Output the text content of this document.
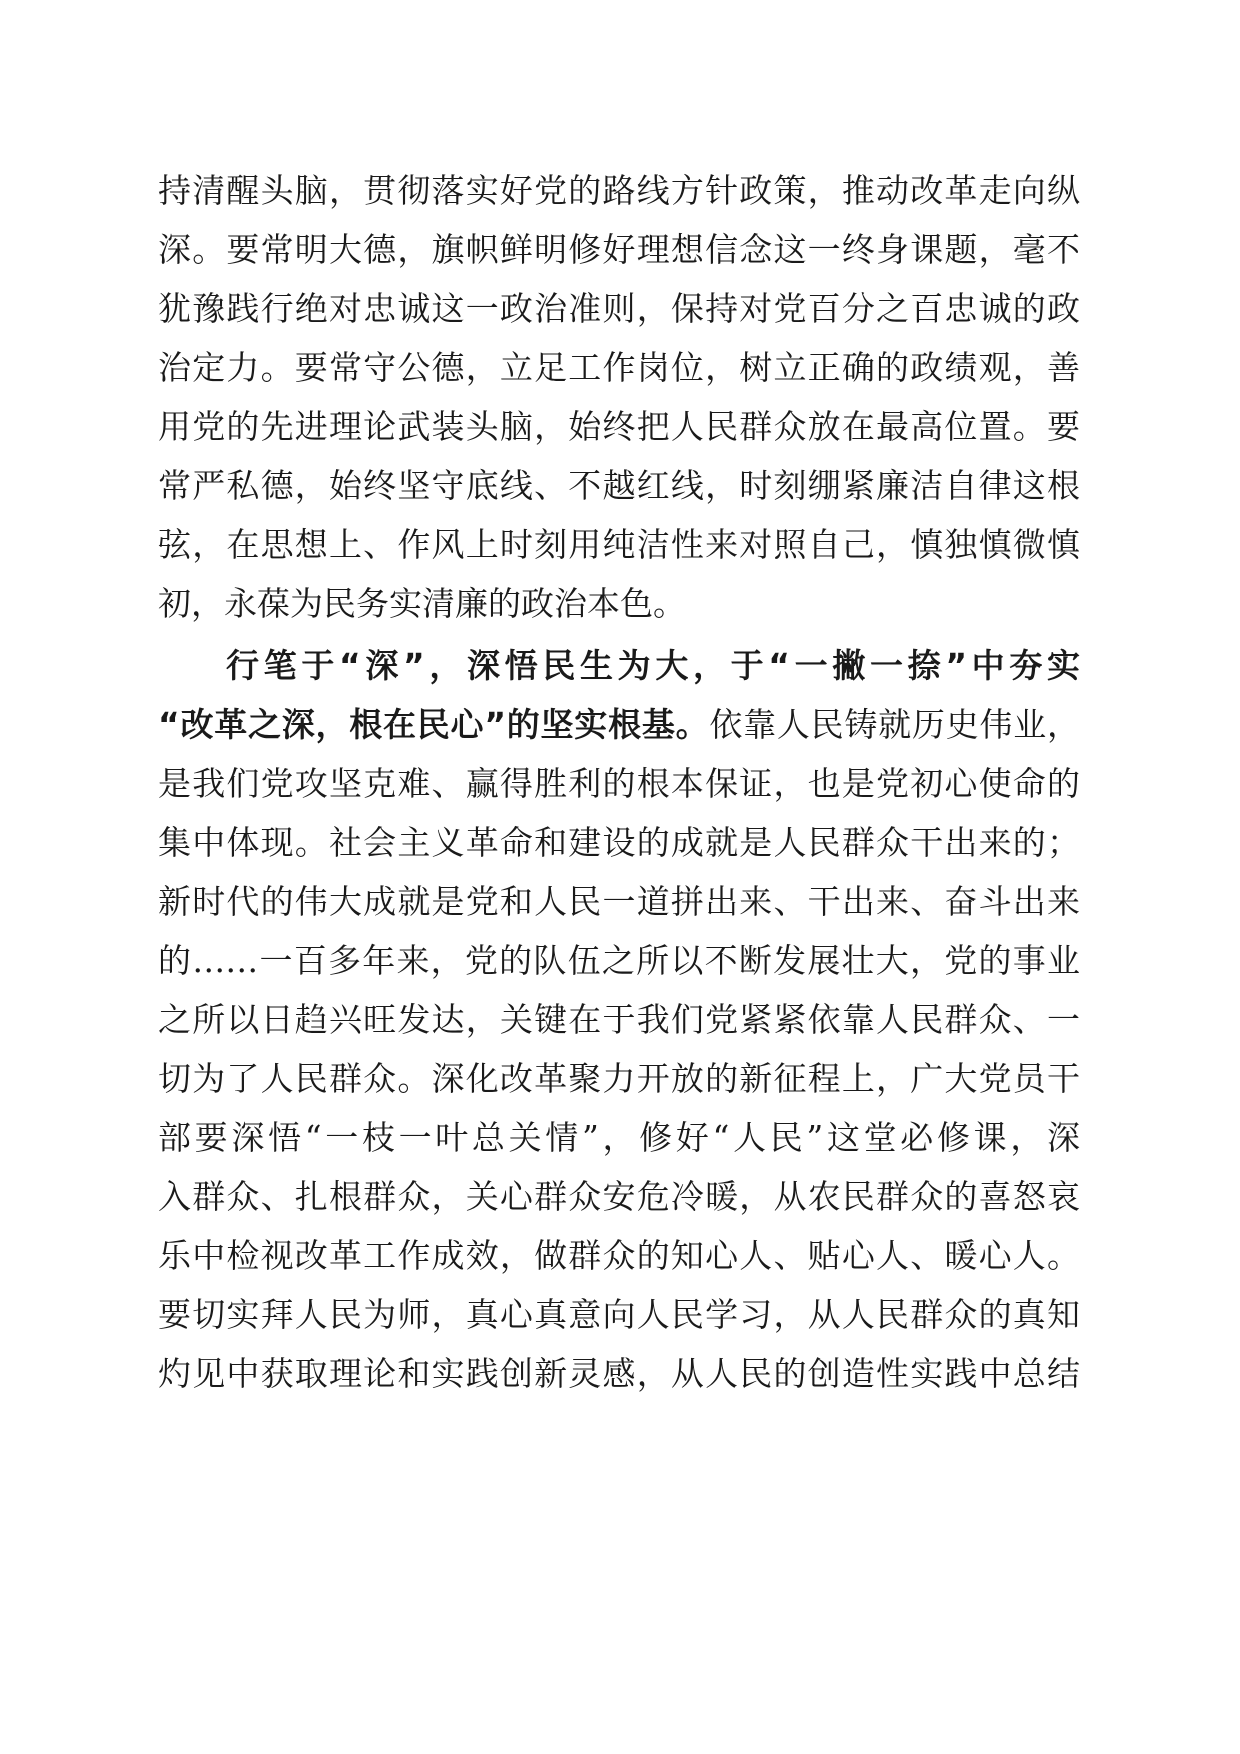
持清醒头脑，贯彻落实好党的路线方针政策，推动改革走向纵
深。要常明大德，旗帜鲜明修好理想信念这一终身课题，毫不
犹豫践行绝对忠诚这一政治准则，保持对党百分之百忠诚的政
治定力。要常守公德，立足工作岗位，树立正确的政绩观，善
用党的先进理论武装头脑，始终把人民群众放在最高位置。要
常严私德，始终坚守底线、不越红线，时刻绷紧廉洁自律这根
弦，在思想上、作风上时刻用纯洁性来对照自己，慎独慎微慎
初，永葆为民务实清廉的政治本色。
行笔于“深”，深悟民生为大，于“一撇一捺”中夯实
“改革之深，根在民心”的坚实根基。依靠人民铸就历史伟业，
是我们党攻坚克难、赢得胜利的根本保证，也是党初心使命的
集中体现。社会主义革命和建设的成就是人民群众干出来的；
新时代的伟大成就是党和人民一道拼出来、干出来、奋斗出来
的……一百多年来，党的队伍之所以不断发展壮大，党的事业
之所以日趋兴旺发达，关键在于我们党紧紧依靠人民群众、一
切为了人民群众。深化改革聚力开放的新征程上，广大党员干
部要深悟“一枝一叶总关情”，修好“人民”这堂必修课，深
入群众、扎根群众，关心群众安危冷暖，从农民群众的喜怒哀
乐中检视改革工作成效，做群众的知心人、贴心人、暖心人。
要切实拜人民为师，真心真意向人民学习，从人民群众的真知
灼见中获取理论和实践创新灵感，从人民的创造性实践中总结
